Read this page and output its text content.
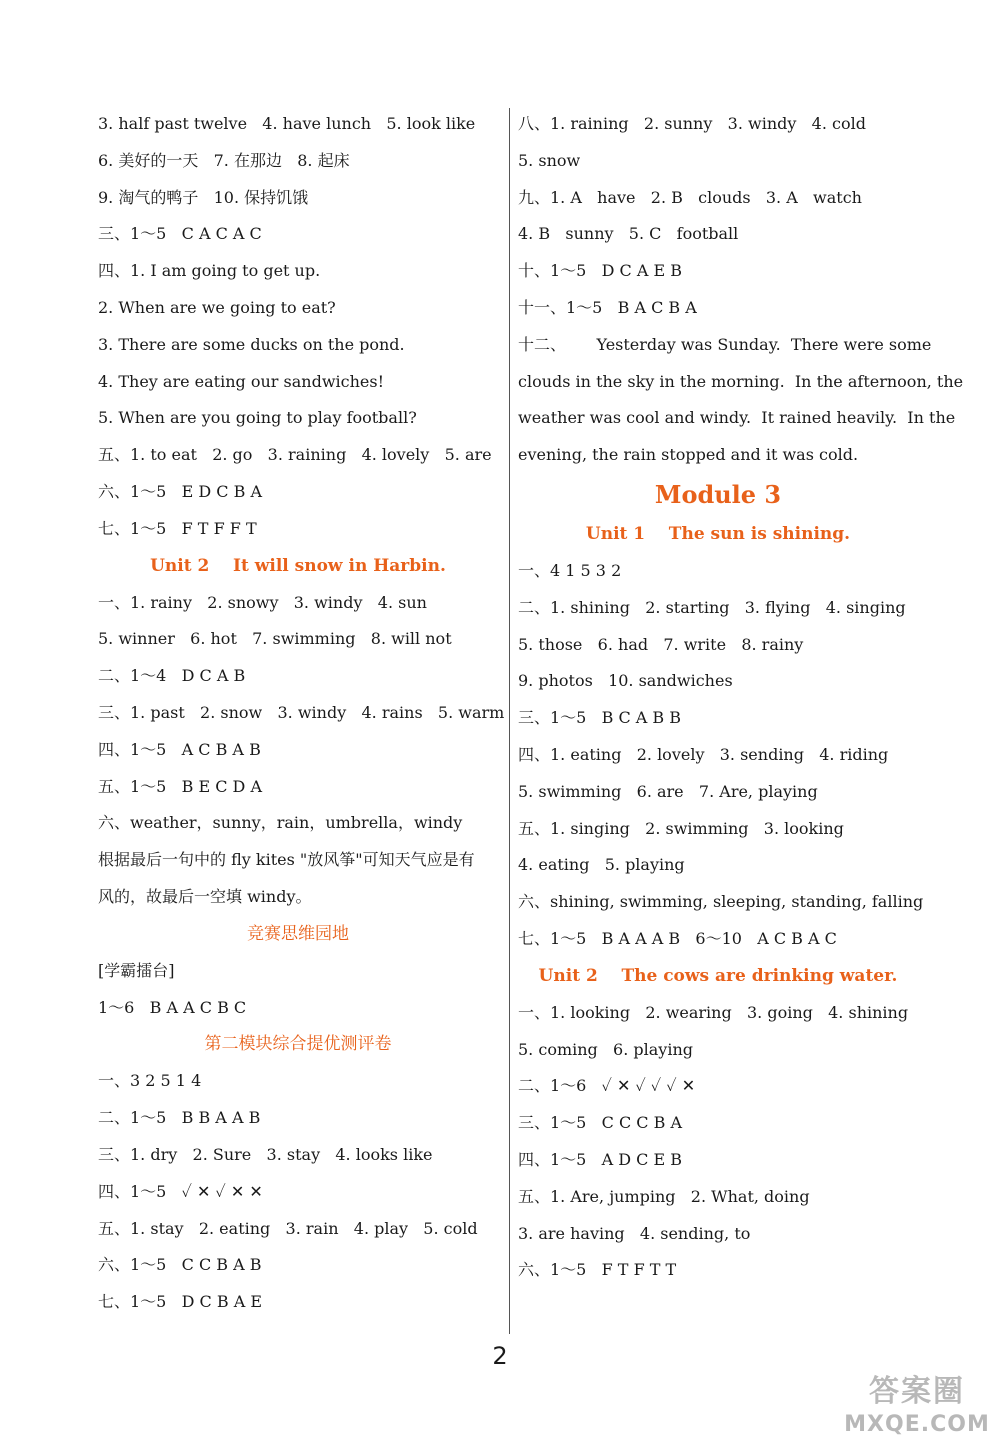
3. half past twelve   4. have lunch   5. look like
6. 美好的一天   7. 在那边   8. 起床
9. 淘气的鸭子   10. 保持饥饿
三、1～5   C A C A C
四、1. I am going to get up.
2. When are we going to eat?
3. There are some ducks on the pond.
4. They are eating our sandwiches!
5. When are you going to play football?
五、1. to eat   2. go   3. raining   4. lovely   5. are
六、1～5   E D C B A
七、1～5   F T F F T
Unit 2    It will snow in Harbin.
一、1. rainy   2. snowy   3. windy   4. sun
5. winner   6. hot   7. swimming   8. will not
二、1～4   D C A B
三、1. past   2. snow   3. windy   4. rains   5. warm
四、1～5   A C B A B
五、1～5   B E C D A
六、weather，sunny，rain，umbrella，windy
根据最后一句中的 fly kites "放风筝"可知天气应是有
风的，故最后一空填 windy。
竞赛思维园地
[学霸擂台]
1～6   B A A C B C
第二模块综合提优测评卷
一、3 2 5 1 4
二、1～5   B B A A B
三、1. dry   2. Sure   3. stay   4. looks like
四、1～5   ✓ ✕ ✓ ✕ ✕
五、1. stay   2. eating   3. rain   4. play   5. cold
六、1～5   C C B A B
七、1～5   D C B A E
八、1. raining   2. sunny   3. windy   4. cold
5. snow
九、1. A   have   2. B   clouds   3. A   watch
4. B   sunny   5. C   football
十、1～5   D C A E B
十一、1～5   B A C B A
十二、      Yesterday was Sunday.  There were some
clouds in the sky in the morning.  In the afternoon, the
weather was cool and windy.  It rained heavily.  In the
evening, the rain stopped and it was cold.
Module 3
Unit 1    The sun is shining.
一、4 1 5 3 2
二、1. shining   2. starting   3. flying   4. singing
5. those   6. had   7. write   8. rainy
9. photos   10. sandwiches
三、1～5   B C A B B
四、1. eating   2. lovely   3. sending   4. riding
5. swimming   6. are   7. Are, playing
五、1. singing   2. swimming   3. looking
4. eating   5. playing
六、shining, swimming, sleeping, standing, falling
七、1～5   B A A A B   6～10   A C B A C
Unit 2    The cows are drinking water.
一、1. looking   2. wearing   3. going   4. shining
5. coming   6. playing
二、1～6   ✓ ✕ ✓ ✓ ✓ ✕
三、1～5   C C C B A
四、1～5   A D C E B
五、1. Are, jumping   2. What, doing
3. are having   4. sending, to
六、1～5   F T F T T
2
答案圈
MXQE.COM
